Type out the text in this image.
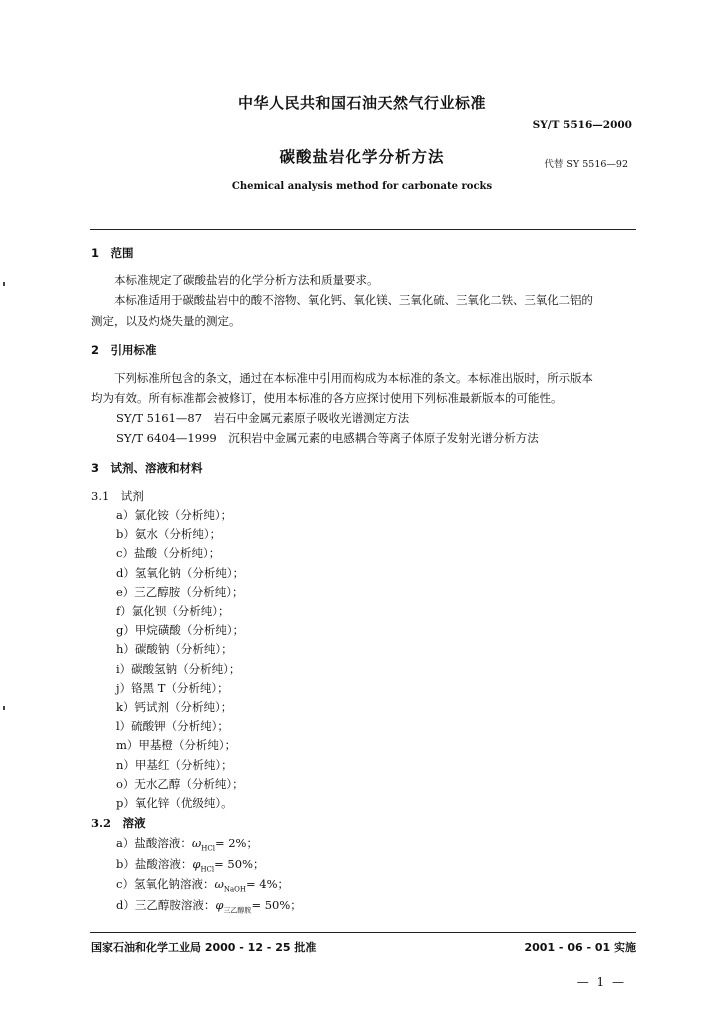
中华人民共和国石油天然气行业标准
SY/T 5516—2000
碳酸盐岩化学分析方法	代替 SY 5516—92
Chemical analysis method for carbonate rocks
1　范围
本标准规定了碳酸盐岩的化学分析方法和质量要求。
本标准适用于碳酸盐岩中的酸不溶物、氧化钙、氧化镁、三氧化硫、三氧化二铁、三氧化二铝的
测定，以及灼烧失量的测定。
2　引用标准
下列标准所包含的条文，通过在本标准中引用而构成为本标准的条文。本标准出版时，所示版本
均为有效。所有标准都会被修订，使用本标准的各方应探讨使用下列标准最新版本的可能性。
SY/T 5161—87　岩石中金属元素原子吸收光谱测定方法
SY/T 6404—1999　沉积岩中金属元素的电感耦合等离子体原子发射光谱分析方法
3　试剂、溶液和材料
3.1　试剂
a）氯化铵（分析纯）；
b）氨水（分析纯）；
c）盐酸（分析纯）；
d）氢氧化钠（分析纯）；
e）三乙醇胺（分析纯）；
f）氯化钡（分析纯）；
g）甲烷磺酸（分析纯）；
h）碳酸钠（分析纯）；
i）碳酸氢钠（分析纯）；
j）铬黑 T（分析纯）；
k）钙试剂（分析纯）；
l）硫酸钾（分析纯）；
m）甲基橙（分析纯）；
n）甲基红（分析纯）；
o）无水乙醇（分析纯）；
p）氧化锌（优级纯）。
3.2　溶液
a）盐酸溶液：$\omega_{HCl}= 2\%$；
b）盐酸溶液：$\varphi_{HCl}= 50\%$；
c）氢氧化钠溶液：$\omega_{NaOH}= 4\%$；
d）三乙醇胺溶液：$\varphi_{三乙醇胺}= 50\%$；
国家石油和化学工业局 2000 - 12 - 25 批准	2001 - 06 - 01 实施
— 1 —
